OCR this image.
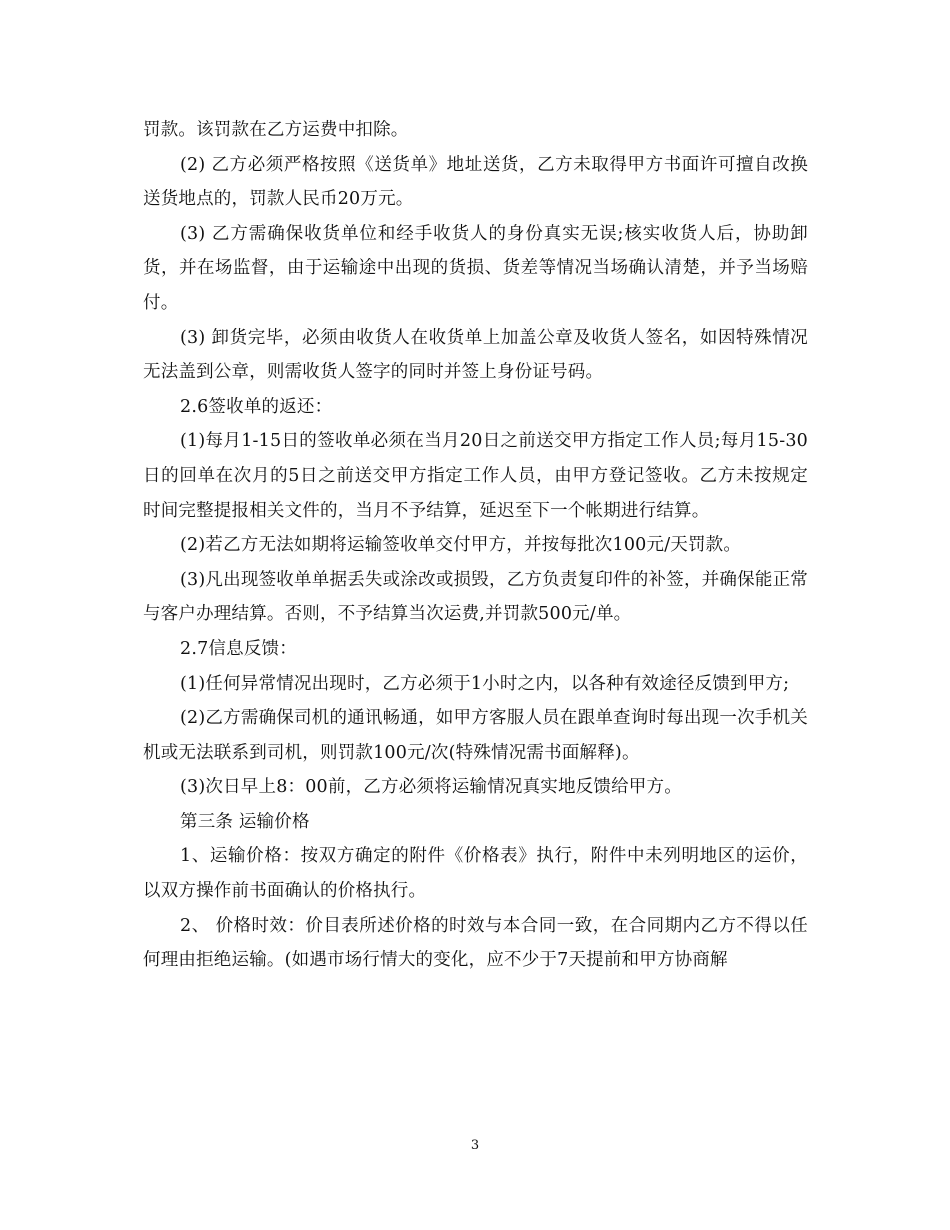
罚款。该罚款在乙方运费中扣除。

(2) 乙方必须严格按照《送货单》地址送货，乙方未取得甲方书面许可擅自改换送货地点的，罚款人民币20万元。

(3) 乙方需确保收货单位和经手收货人的身份真实无误;核实收货人后，协助卸货，并在场监督，由于运输途中出现的货损、货差等情况当场确认清楚，并予当场赔付。

(3) 卸货完毕，必须由收货人在收货单上加盖公章及收货人签名，如因特殊情况无法盖到公章，则需收货人签字的同时并签上身份证号码。

2.6签收单的返还：

(1)每月1-15日的签收单必须在当月20日之前送交甲方指定工作人员;每月15-30日的回单在次月的5日之前送交甲方指定工作人员，由甲方登记签收。乙方未按规定时间完整提报相关文件的，当月不予结算，延迟至下一个帐期进行结算。

(2)若乙方无法如期将运输签收单交付甲方，并按每批次100元/天罚款。

(3)凡出现签收单单据丢失或涂改或损毁，乙方负责复印件的补签，并确保能正常与客户办理结算。否则，不予结算当次运费,并罚款500元/单。

2.7信息反馈：

(1)任何异常情况出现时，乙方必须于1小时之内，以各种有效途径反馈到甲方;

(2)乙方需确保司机的通讯畅通，如甲方客服人员在跟单查询时每出现一次手机关机或无法联系到司机，则罚款100元/次(特殊情况需书面解释)。

(3)次日早上8：00前，乙方必须将运输情况真实地反馈给甲方。

第三条 运输价格

1、运输价格：按双方确定的附件《价格表》执行，附件中未列明地区的运价，以双方操作前书面确认的价格执行。

2、 价格时效：价目表所述价格的时效与本合同一致，在合同期内乙方不得以任何理由拒绝运输。(如遇市场行情大的变化，应不少于7天提前和甲方协商解

3
